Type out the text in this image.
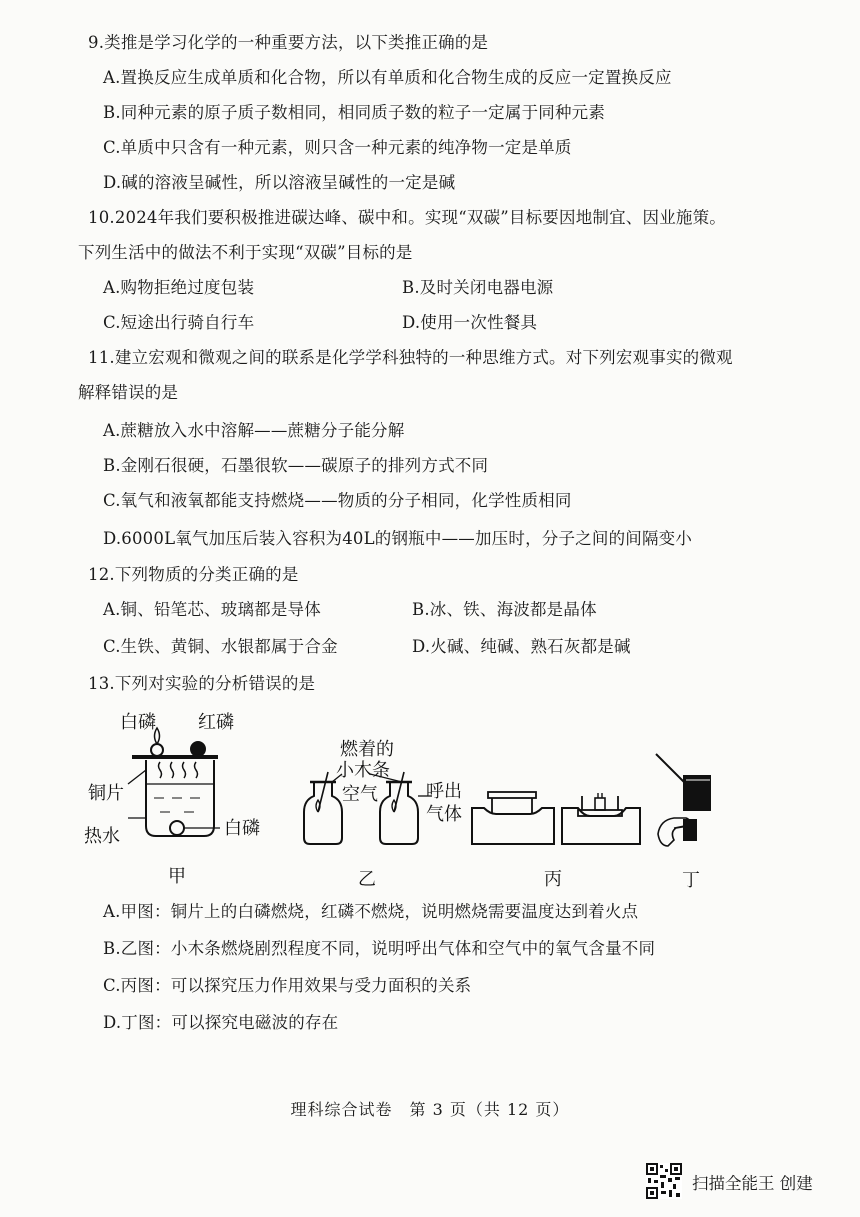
9.类推是学习化学的一种重要方法，以下类推正确的是
A.置换反应生成单质和化合物，所以有单质和化合物生成的反应一定置换反应
B.同种元素的原子质子数相同，相同质子数的粒子一定属于同种元素
C.单质中只含有一种元素，则只含一种元素的纯净物一定是单质
D.碱的溶液呈碱性，所以溶液呈碱性的一定是碱
10.2024年我们要积极推进碳达峰、碳中和。实现“双碳”目标要因地制宜、因业施策。
下列生活中的做法不利于实现“双碳”目标的是
A.购物拒绝过度包装	B.及时关闭电器电源
C.短途出行骑自行车	D.使用一次性餐具
11.建立宏观和微观之间的联系是化学学科独特的一种思维方式。对下列宏观事实的微观
解释错误的是
A.蔗糖放入水中溶解——蔗糖分子能分解
B.金刚石很硬，石墨很软——碳原子的排列方式不同
C.氧气和液氧都能支持燃烧——物质的分子相同，化学性质相同
D.6000L氧气加压后装入容积为40L的钢瓶中——加压时，分子之间的间隔变小
12.下列物质的分类正确的是
A.铜、铅笔芯、玻璃都是导体	B.冰、铁、海波都是晶体
C.生铁、黄铜、水银都属于合金	D.火碱、纯碱、熟石灰都是碱
13.下列对实验的分析错误的是
白磷 红磷
铜片
热水	白磷
甲
燃着的
小木条
空气	呼出
气体
乙	丙	丁
A.甲图：铜片上的白磷燃烧，红磷不燃烧，说明燃烧需要温度达到着火点
B.乙图：小木条燃烧剧烈程度不同，说明呼出气体和空气中的氧气含量不同
C.丙图：可以探究压力作用效果与受力面积的关系
D.丁图：可以探究电磁波的存在
理科综合试卷　第 3 页（共 12 页）
扫描全能王 创建
